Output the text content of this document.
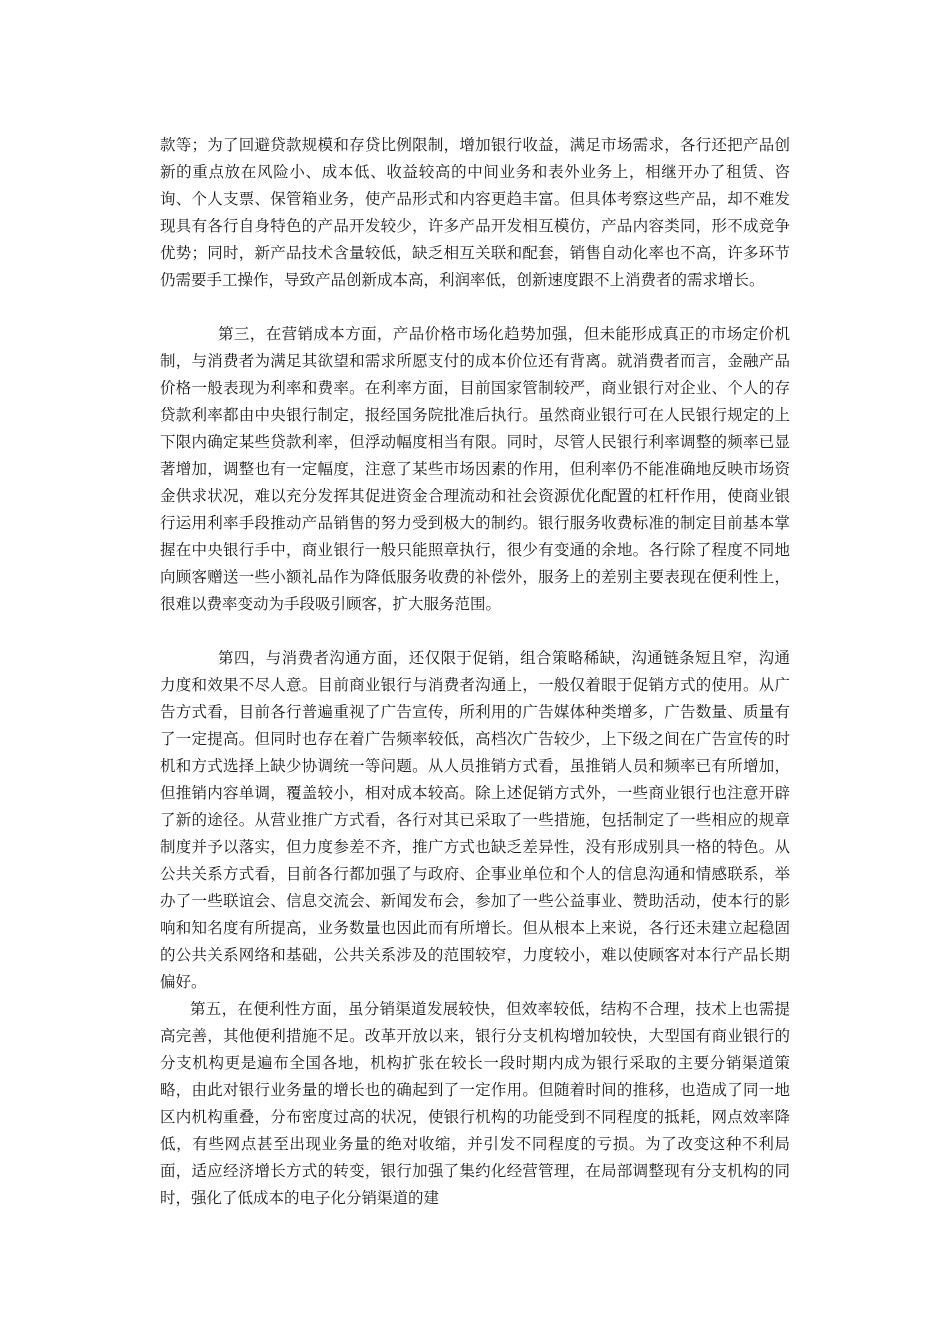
款等；为了回避贷款规模和存贷比例限制，增加银行收益，满足市场需求，各行还把产品创新的重点放在风险小、成本低、收益较高的中间业务和表外业务上，相继开办了租赁、咨询、个人支票、保管箱业务，使产品形式和内容更趋丰富。但具体考察这些产品，却不难发现具有各行自身特色的产品开发较少，许多产品开发相互模仿，产品内容类同，形不成竞争优势；同时，新产品技术含量较低，缺乏相互关联和配套，销售自动化率也不高，许多环节仍需要手工操作，导致产品创新成本高，利润率低，创新速度跟不上消费者的需求增长。

第三，在营销成本方面，产品价格市场化趋势加强，但未能形成真正的市场定价机制，与消费者为满足其欲望和需求所愿支付的成本价位还有背离。就消费者而言，金融产品价格一般表现为利率和费率。在利率方面，目前国家管制较严，商业银行对企业、个人的存贷款利率都由中央银行制定，报经国务院批准后执行。虽然商业银行可在人民银行规定的上下限内确定某些贷款利率，但浮动幅度相当有限。同时，尽管人民银行利率调整的频率已显著增加，调整也有一定幅度，注意了某些市场因素的作用，但利率仍不能准确地反映市场资金供求状况，难以充分发挥其促进资金合理流动和社会资源优化配置的杠杆作用，使商业银行运用利率手段推动产品销售的努力受到极大的制约。银行服务收费标准的制定目前基本掌握在中央银行手中，商业银行一般只能照章执行，很少有变通的余地。各行除了程度不同地向顾客赠送一些小额礼品作为降低服务收费的补偿外，服务上的差别主要表现在便利性上，很难以费率变动为手段吸引顾客，扩大服务范围。

第四，与消费者沟通方面，还仅限于促销，组合策略稀缺，沟通链条短且窄，沟通力度和效果不尽人意。目前商业银行与消费者沟通上，一般仅着眼于促销方式的使用。从广告方式看，目前各行普遍重视了广告宣传，所利用的广告媒体种类增多，广告数量、质量有了一定提高。但同时也存在着广告频率较低，高档次广告较少，上下级之间在广告宣传的时机和方式选择上缺少协调统一等问题。从人员推销方式看，虽推销人员和频率已有所增加，但推销内容单调，覆盖较小，相对成本较高。除上述促销方式外，一些商业银行也注意开辟了新的途径。从营业推广方式看，各行对其已采取了一些措施，包括制定了一些相应的规章制度并予以落实，但力度参差不齐，推广方式也缺乏差异性，没有形成别具一格的特色。从公共关系方式看，目前各行都加强了与政府、企事业单位和个人的信息沟通和情感联系，举办了一些联谊会、信息交流会、新闻发布会，参加了一些公益事业、赞助活动，使本行的影响和知名度有所提高，业务数量也因此而有所增长。但从根本上来说，各行还未建立起稳固的公共关系网络和基础，公共关系涉及的范围较窄，力度较小，难以使顾客对本行产品长期偏好。

第五，在便利性方面，虽分销渠道发展较快，但效率较低，结构不合理，技术上也需提高完善，其他便利措施不足。改革开放以来，银行分支机构增加较快，大型国有商业银行的分支机构更是遍布全国各地，机构扩张在较长一段时期内成为银行采取的主要分销渠道策略，由此对银行业务量的增长也的确起到了一定作用。但随着时间的推移，也造成了同一地区内机构重叠，分布密度过高的状况，使银行机构的功能受到不同程度的抵耗，网点效率降低，有些网点甚至出现业务量的绝对收缩，并引发不同程度的亏损。为了改变这种不利局面，适应经济增长方式的转变，银行加强了集约化经营管理，在局部调整现有分支机构的同时，强化了低成本的电子化分销渠道的建
